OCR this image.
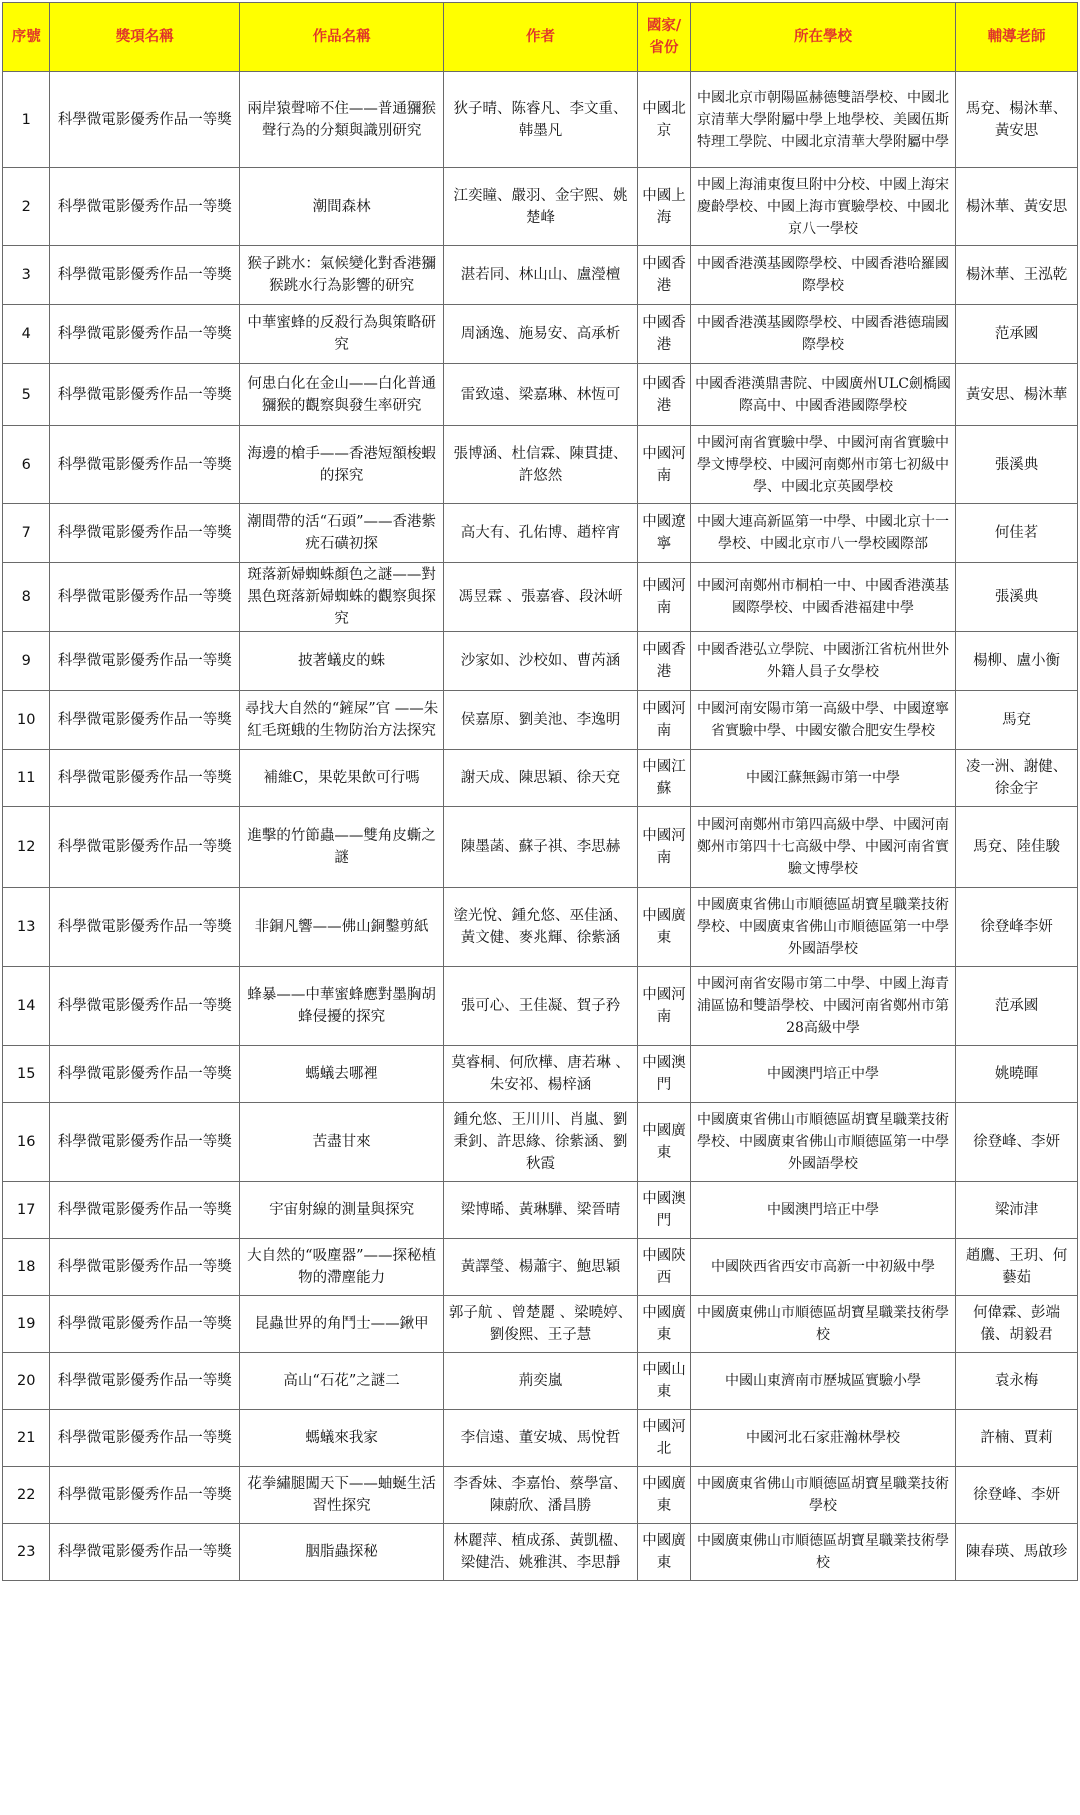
序號	獎項名稱	作品名稱	作者	國家/省份	所在學校	輔導老師
1	科學微電影優秀作品一等獎	兩岸猿聲啼不住——普通獼猴聲行為的分類與識別研究	狄子晴、陈睿凡、李文重、韩墨凡	中國北京	中國北京市朝陽區赫德雙語學校、中國北京清華大學附屬中學上地學校、美國伍斯特理工學院、中國北京清華大學附屬中學	馬兗、楊沐華、黃安思
2	科學微電影優秀作品一等獎	潮間森林	江奕瞳、嚴羽、金宇熙、姚楚峰	中國上海	中國上海浦東復旦附中分校、中國上海宋慶齡學校、中國上海市實驗學校、中國北京八一學校	楊沐華、黃安思
3	科學微電影優秀作品一等獎	猴子跳水：氣候變化對香港獼猴跳水行為影響的研究	湛若同、林山山、盧瀅檀	中國香港	中國香港漢基國際學校、中國香港哈羅國際學校	楊沐華、王泓乾
4	科學微電影優秀作品一等獎	中華蜜蜂的反殺行為與策略研究	周涵逸、施易安、高承析	中國香港	中國香港漢基國際學校、中國香港德瑞國際學校	范承國
5	科學微電影優秀作品一等獎	何患白化在金山——白化普通獼猴的觀察與發生率研究	雷致遠、梁嘉琳、林恆可	中國香港	中國香港漢鼎書院、中國廣州ULC劍橋國際高中、中國香港國際學校	黃安思、楊沐華
6	科學微電影優秀作品一等獎	海邊的槍手——香港短額梭蝦的探究	張博涵、杜信霖、陳貫捷、許悠然	中國河南	中國河南省實驗中學、中國河南省實驗中學文博學校、中國河南鄭州市第七初級中學、中國北京英國學校	張溪典
7	科學微電影優秀作品一等獎	潮間帶的活“石頭”——香港紫疣石磺初探	高大有、孔佑博、趙梓宵	中國遼寧	中國大連高新區第一中學、中國北京十一學校、中國北京市八一學校國際部	何佳茗
8	科學微電影優秀作品一等獎	斑落新婦蜘蛛顏色之謎——對黑色斑落新婦蜘蛛的觀察與探究	馮昱霖 、張嘉睿、段沐岍	中國河南	中國河南鄭州市桐柏一中、中國香港漢基國際學校、中國香港福建中學	張溪典
9	科學微電影優秀作品一等獎	披著蟻皮的蛛	沙家如、沙校如、曹芮涵	中國香港	中國香港弘立學院、中國浙江省杭州世外外籍人員子女學校	楊柳、盧小衡
10	科學微電影優秀作品一等獎	尋找大自然的“鏟屎”官 ——朱紅毛斑蛾的生物防治方法探究	侯嘉原、劉美池、李逸明	中國河南	中國河南安陽市第一高級中學、中國遼寧省實驗中學、中國安徽合肥安生學校	馬兗
11	科學微電影優秀作品一等獎	補維C，果乾果飲可行嗎	謝天成、陳思穎、徐天兗	中國江蘇	中國江蘇無錫市第一中學	凌一洲、謝健、徐金宇
12	科學微電影優秀作品一等獎	進擊的竹節蟲——雙角皮蟖之謎	陳墨菡、蘇子祺、李思赫	中國河南	中國河南鄭州市第四高級中學、中國河南鄭州市第四十七高級中學、中國河南省實驗文博學校	馬兗、陸佳駿
13	科學微電影優秀作品一等獎	非銅凡響——佛山銅鑿剪紙	塗光悅、鍾允悠、巫佳涵、黃文健、麥兆輝、徐紫涵	中國廣東	中國廣東省佛山市順德區胡寶星職業技術學校、中國廣東省佛山市順德區第一中學外國語學校	徐登峰李妍
14	科學微電影優秀作品一等獎	蜂暴——中華蜜蜂應對墨胸胡蜂侵擾的探究	張可心、王佳凝、賀子矜	中國河南	中國河南省安陽市第二中學、中國上海青浦區協和雙語學校、中國河南省鄭州市第28高級中學	范承國
15	科學微電影優秀作品一等獎	螞蟻去哪裡	莫睿桐、何欣樺、唐若琳 、朱安祁、楊梓涵	中國澳門	中國澳門培正中學	姚曉暉
16	科學微電影優秀作品一等獎	苦盡甘來	鍾允悠、王川川、肖嵐、劉秉釗、許思緣、徐紫涵、劉秋霞	中國廣東	中國廣東省佛山市順德區胡寶星職業技術學校、中國廣東省佛山市順德區第一中學外國語學校	徐登峰、李妍
17	科學微電影優秀作品一等獎	宇宙射線的測量與探究	梁博晞、黃琳驊、梁晉晴	中國澳門	中國澳門培正中學	梁沛津
18	科學微電影優秀作品一等獎	大自然的“吸塵器”——探秘植物的滯塵能力	黃譯瑩、楊蕭宇、鮑思穎	中國陝西	中國陝西省西安市高新一中初級中學	趙鷹、王玥、何藝茹
19	科學微電影優秀作品一等獎	昆蟲世界的角鬥士——鍬甲	郭子航 、曾楚麗 、梁曉婷、劉俊熙、王子慧	中國廣東	中國廣東佛山市順德區胡寶星職業技術學校	何偉霖、彭端儀、胡毅君
20	科學微電影優秀作品一等獎	高山“石花”之謎二	荊奕嵐	中國山東	中國山東濟南市歷城區實驗小學	袁永梅
21	科學微電影優秀作品一等獎	螞蟻來我家	李信遠、董安城、馬悅哲	中國河北	中國河北石家莊瀚林學校	許楠、賈莉
22	科學微電影優秀作品一等獎	花拳繡腿闖天下——蚰蜒生活習性探究	李香妹、李嘉怡、蔡學富、陳蔚欣、潘昌勝	中國廣東	中國廣東省佛山市順德區胡寶星職業技術學校	徐登峰、李妍
23	科學微電影優秀作品一等獎	胭脂蟲探秘	林麗萍、植成孫、黃凱楹、梁健浩、姚雅淇、李思靜	中國廣東	中國廣東佛山市順德區胡寶星職業技術學校	陳春瑛、馬啟珍
